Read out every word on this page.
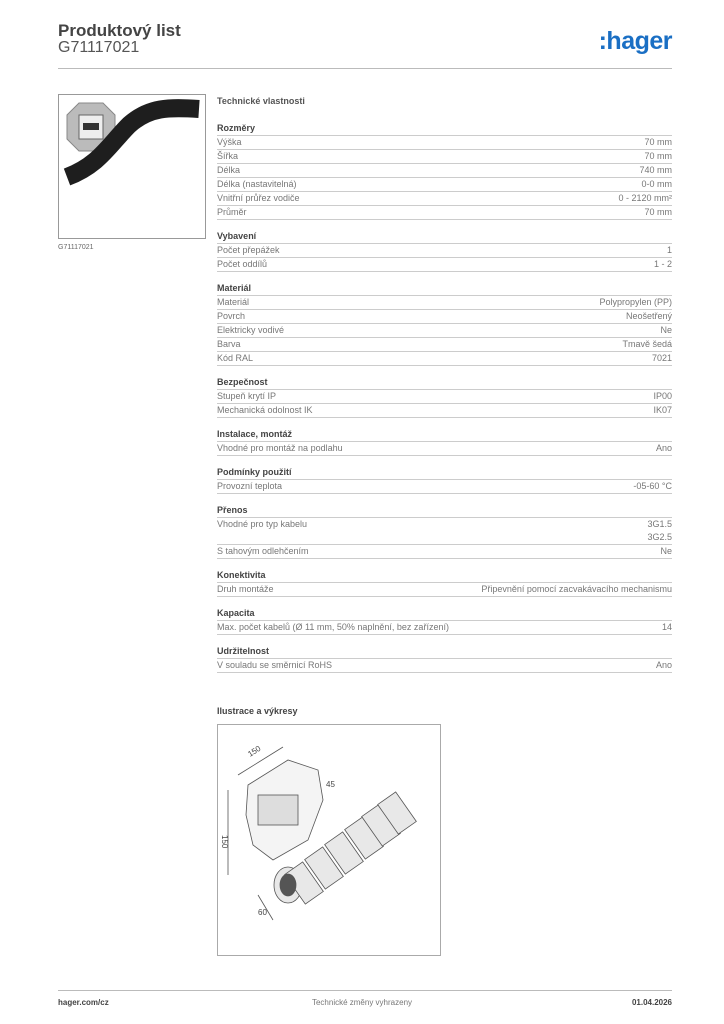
Produktový list
G71117021	:hager
G71117021
Technické vlastnosti
Rozměry
Výška	70 mm
Šířka	70 mm
Délka	740 mm
Délka (nastavitelná)	0-0 mm
Vnitřní průřez vodiče	0 - 2120 mm²
Průměr	70 mm
Vybavení
Počet přepážek	1
Počet oddílů	1 - 2
Materiál
Materiál	Polypropylen (PP)
Povrch	Neošetřený
Elektricky vodivé	Ne
Barva	Tmavě šedá
Kód RAL	7021
Bezpečnost
Stupeň krytí IP	IP00
Mechanická odolnost IK	IK07
Instalace, montáž
Vhodné pro montáž na podlahu	Ano
Podmínky použití
Provozní teplota	-05-60 °C
Přenos
Vhodné pro typ kabelu	3G1.5
3G2.5
S tahovým odlehčením	Ne
Konektivita
Druh montáže	Připevnění pomocí zacvakávacího mechanismu
Kapacita
Max. počet kabelů (Ø 11 mm, 50% naplnění, bez zařízení)	14
Udržitelnost
V souladu se směrnicí RoHS	Ano
Ilustrace a výkresy
150
150
45
60
hager.com/cz	Technické změny vyhrazeny	01.04.2026
